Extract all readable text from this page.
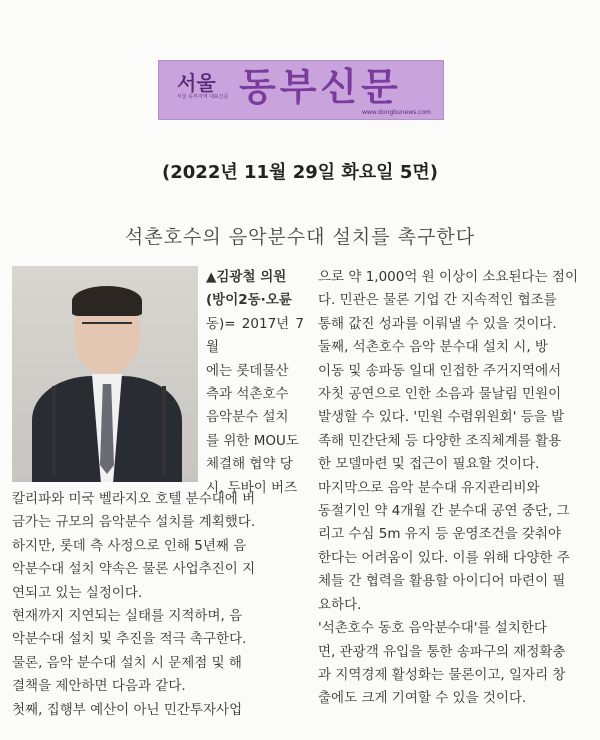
서울
서울 동부지역 대표신문 동부신문
www.dongbunews.com
(2022년 11월 29일 화요일 5면)
석촌호수의 음악분수대 설치를 촉구한다

▲김광철 의원

(방이2동·오륜

동)= 2017년 7월

에는 롯데물산

측과 석촌호수

음악분수 설치

를 위한 MOU도

체결해 협약 당

시, 두바이 버즈

칼리파와 미국 벨라지오 호텔 분수대에 버

금가는 규모의 음악분수 설치를 계획했다.

하지만, 롯데 측 사정으로 인해 5년째 음

악분수대 설치 약속은 물론 사업추진이 지

연되고 있는 실정이다.

현재까지 지연되는 실태를 지적하며, 음

악분수대 설치 및 추진을 적극 촉구한다.

물론, 음악 분수대 설치 시 문제점 및 해

결책을 제안하면 다음과 같다.

첫째, 집행부 예산이 아닌 민간투자사업

으로 약 1,000억 원 이상이 소요된다는 점이

다. 민관은 물론 기업 간 지속적인 협조를

통해 값진 성과를 이뤄낼 수 있을 것이다.

둘째, 석촌호수 음악 분수대 설치 시, 방

이동 및 송파동 일대 인접한 주거지역에서

자칫 공연으로 인한 소음과 물날림 민원이

발생할 수 있다. '민원 수렴위원회' 등을 발

족해 민간단체 등 다양한 조직체계를 활용

한 모델마련 및 접근이 필요할 것이다.

마지막으로 음악 분수대 유지관리비와

동절기인 약 4개월 간 분수대 공연 중단, 그

리고 수심 5m 유지 등 운영조건을 갖춰야

한다는 어려움이 있다. 이를 위해 다양한 주

체들 간 협력을 활용할 아이디어 마련이 필

요하다.

'석촌호수 동호 음악분수대'를 설치한다

면, 관광객 유입을 통한 송파구의 재정확충

과 지역경제 활성화는 물론이고, 일자리 창

출에도 크게 기여할 수 있을 것이다.
